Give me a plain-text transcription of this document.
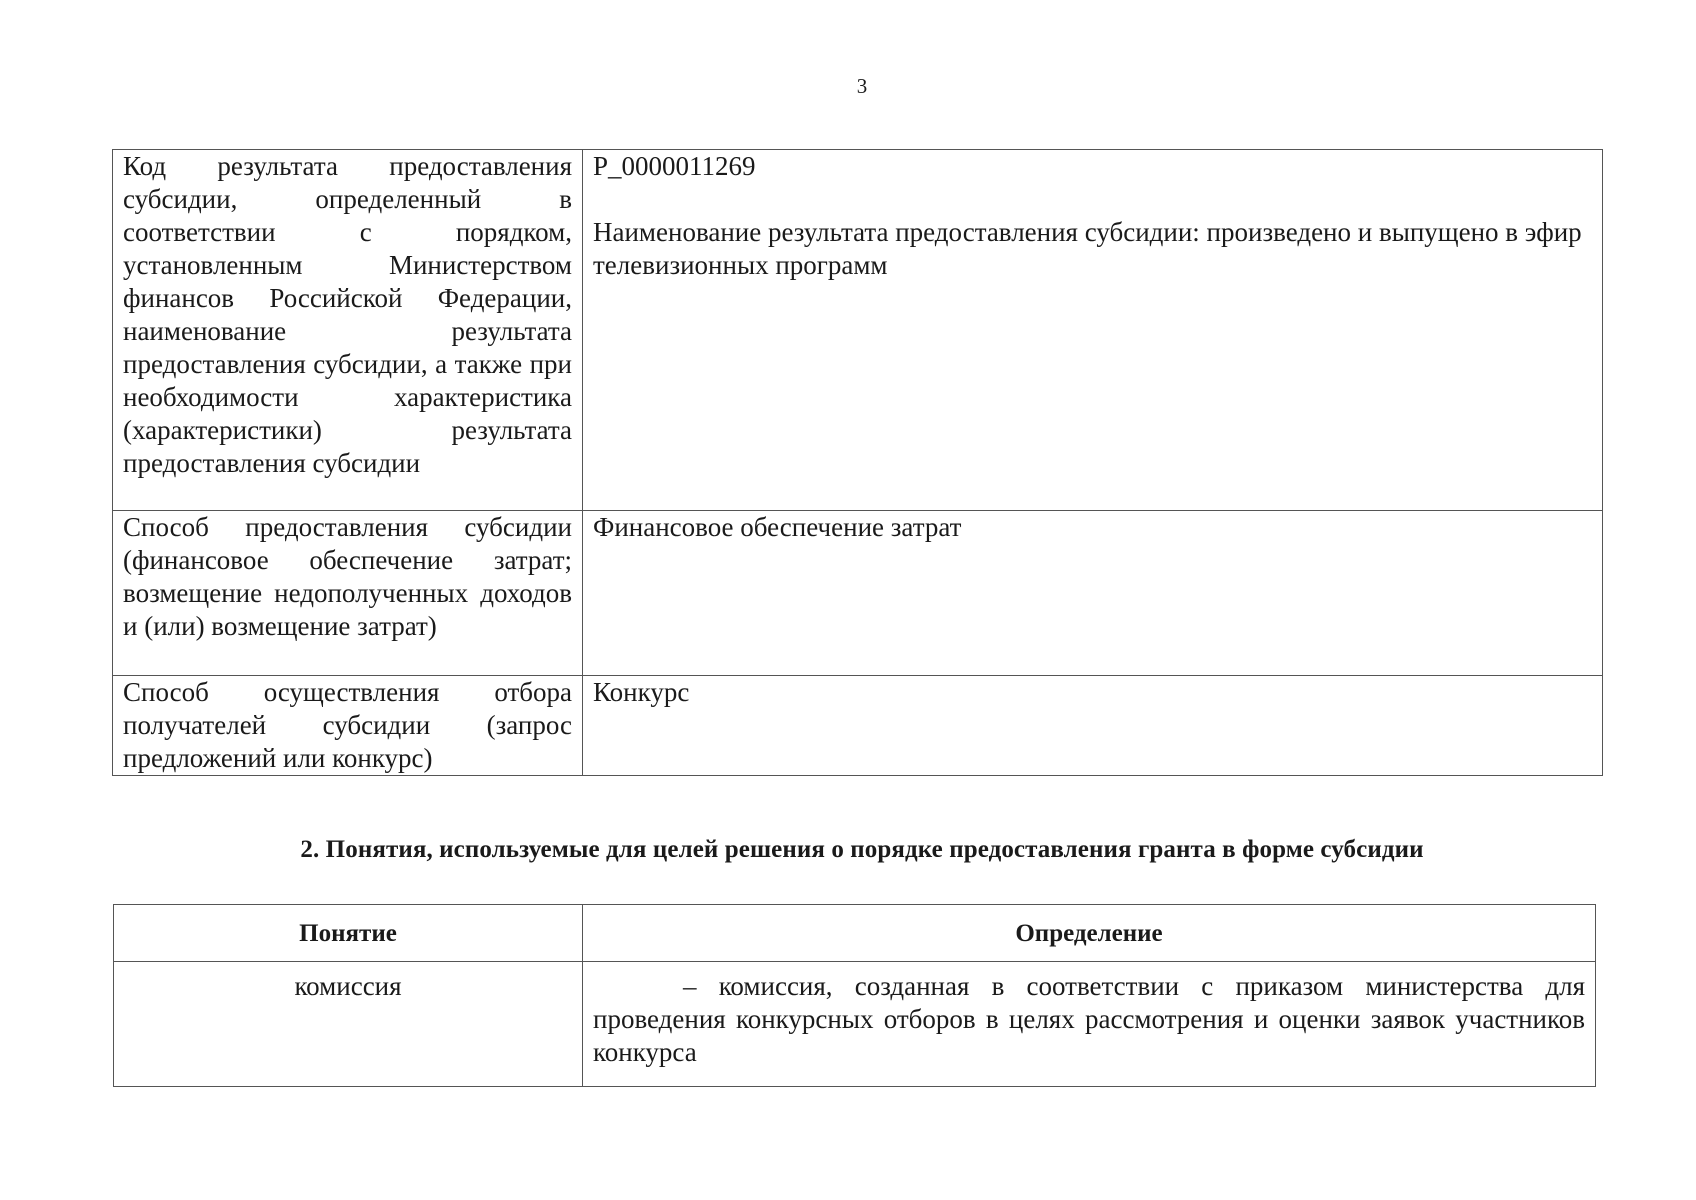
3
Код результата предоставления субсидии, определенный в соответствии с порядком, установленным Министерством финансов Российской Федерации, наименование результата предоставления субсидии, а также при необходимости характеристика (характеристики) результата предоставления субсидии	Р_0000011269
Наименование результата предоставления субсидии: произведено и выпущено в эфир телевизионных программ

Способ предоставления субсидии (финансовое обеспечение затрат; возмещение недополученных доходов и (или) возмещение затрат)	Финансовое обеспечение затрат
Способ осуществления отбора получателей субсидии (запрос предложений или конкурс)	Конкурс
2. Понятия, используемые для целей решения о порядке предоставления гранта в форме субсидии
Понятие	Определение
комиссия	– комиссия, созданная в соответствии с приказом министерства для проведения конкурсных отборов в целях рассмотрения и оценки заявок участников конкурса
